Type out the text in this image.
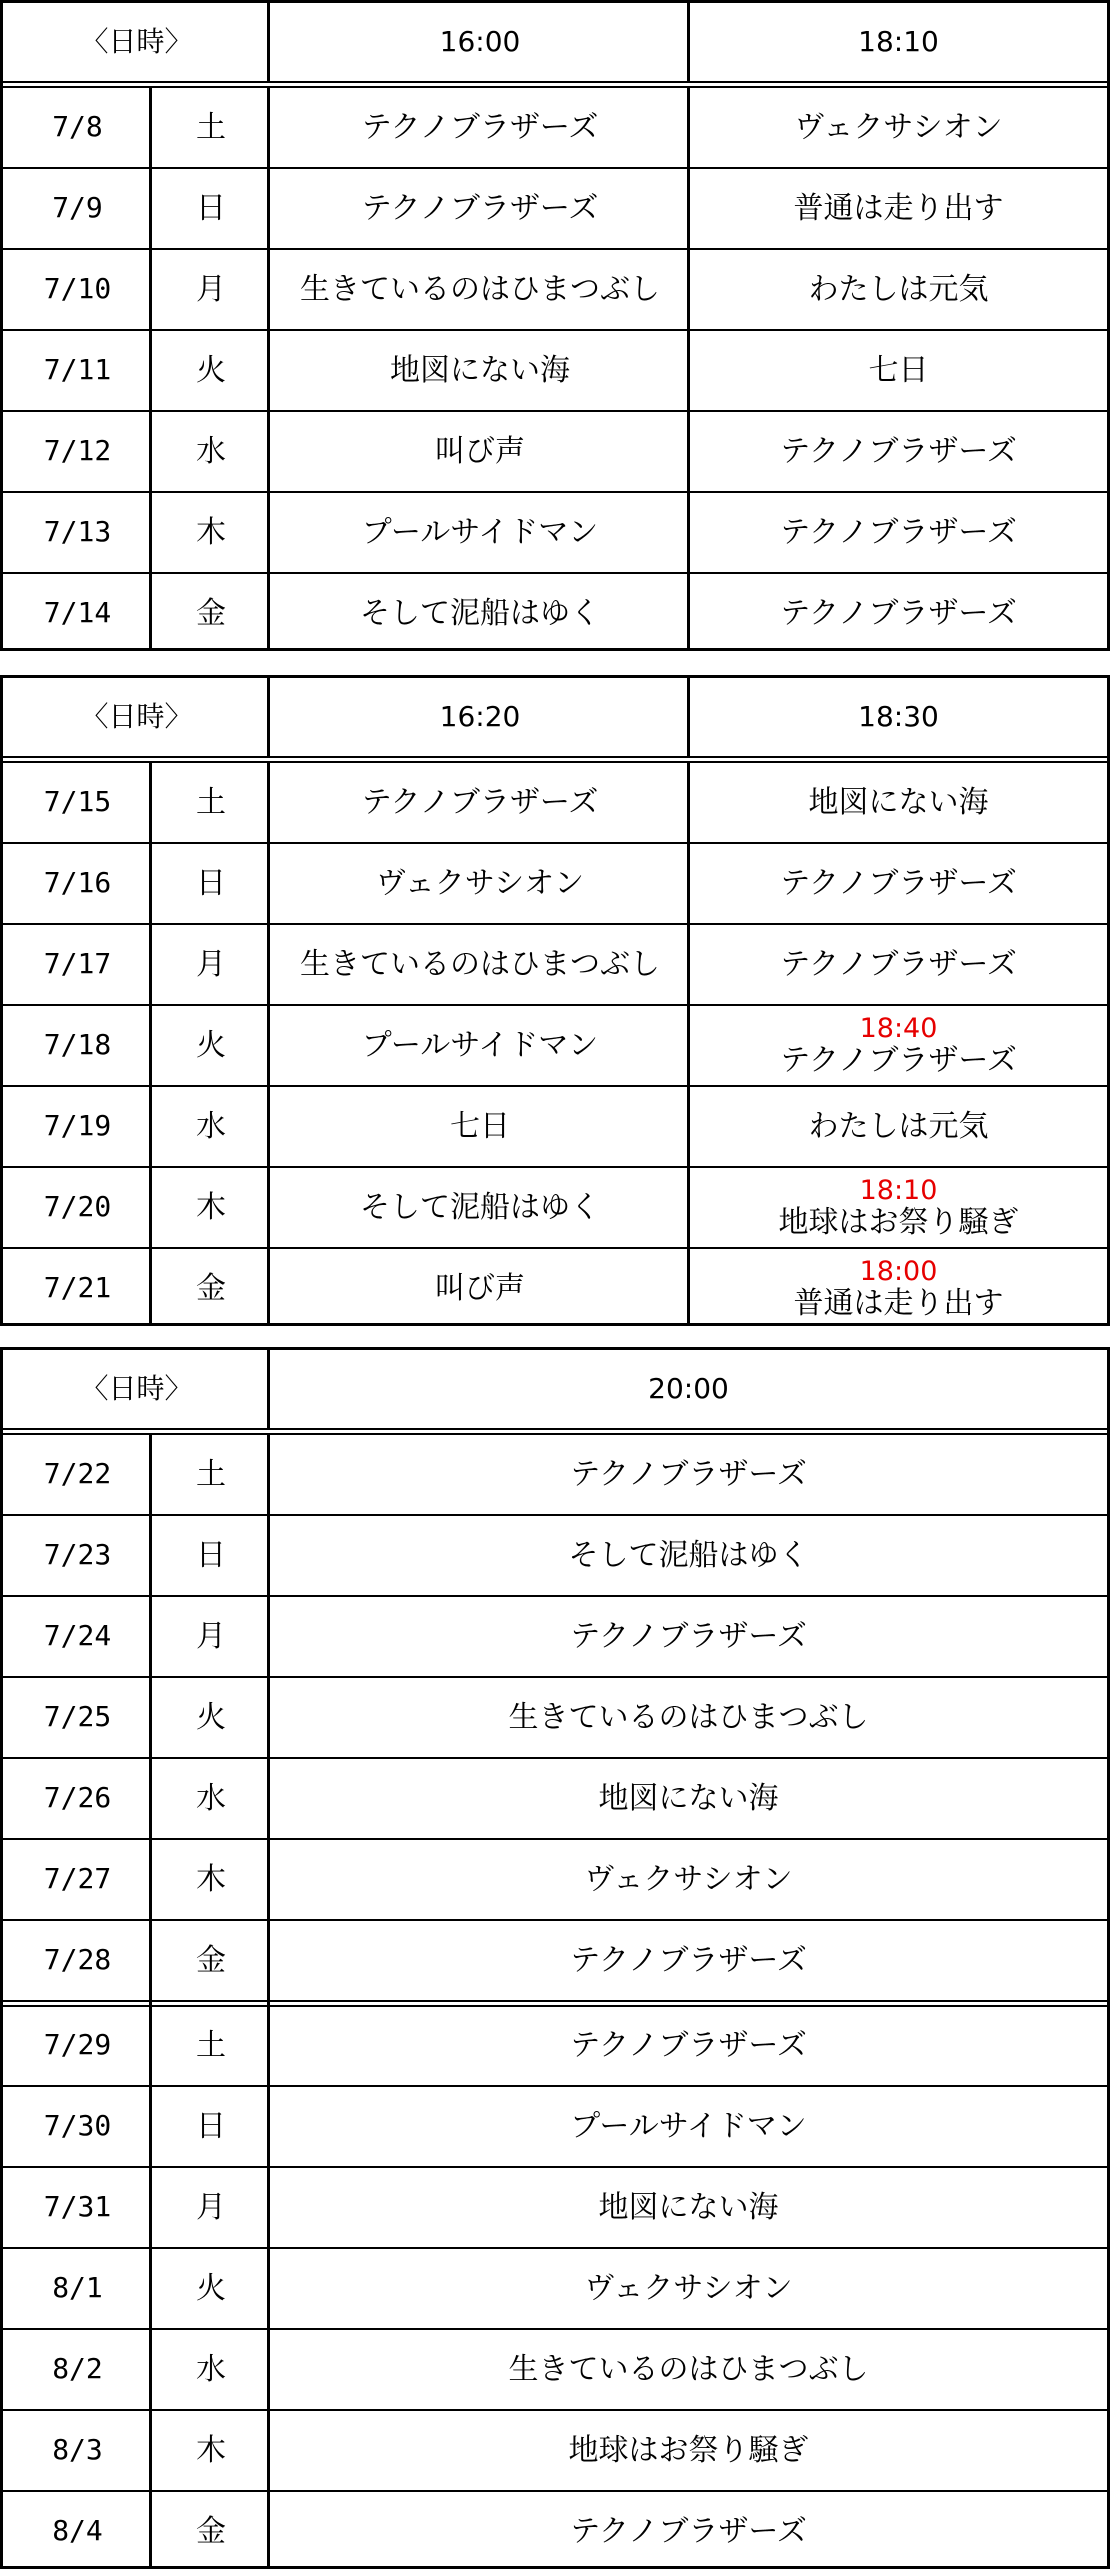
〈日時〉	16:00	18:10
7/8	土	テクノブラザーズ	ヴェクサシオン
7/9	日	テクノブラザーズ	普通は走り出す
7/10	月	生きているのはひまつぶし	わたしは元気
7/11	火	地図にない海	七日
7/12	水	叫び声	テクノブラザーズ
7/13	木	プールサイドマン	テクノブラザーズ
7/14	金	そして泥船はゆく	テクノブラザーズ
〈日時〉	16:20	18:30
7/15	土	テクノブラザーズ	地図にない海
7/16	日	ヴェクサシオン	テクノブラザーズ
7/17	月	生きているのはひまつぶし	テクノブラザーズ
7/18	火	プールサイドマン	18:40
テクノブラザーズ
7/19	水	七日	わたしは元気
7/20	木	そして泥船はゆく	18:10
地球はお祭り騒ぎ
7/21	金	叫び声	18:00
普通は走り出す
〈日時〉	20:00
7/22	土	テクノブラザーズ
7/23	日	そして泥船はゆく
7/24	月	テクノブラザーズ
7/25	火	生きているのはひまつぶし
7/26	水	地図にない海
7/27	木	ヴェクサシオン
7/28	金	テクノブラザーズ
7/29	土	テクノブラザーズ
7/30	日	プールサイドマン
7/31	月	地図にない海
8/1	火	ヴェクサシオン
8/2	水	生きているのはひまつぶし
8/3	木	地球はお祭り騒ぎ
8/4	金	テクノブラザーズ
